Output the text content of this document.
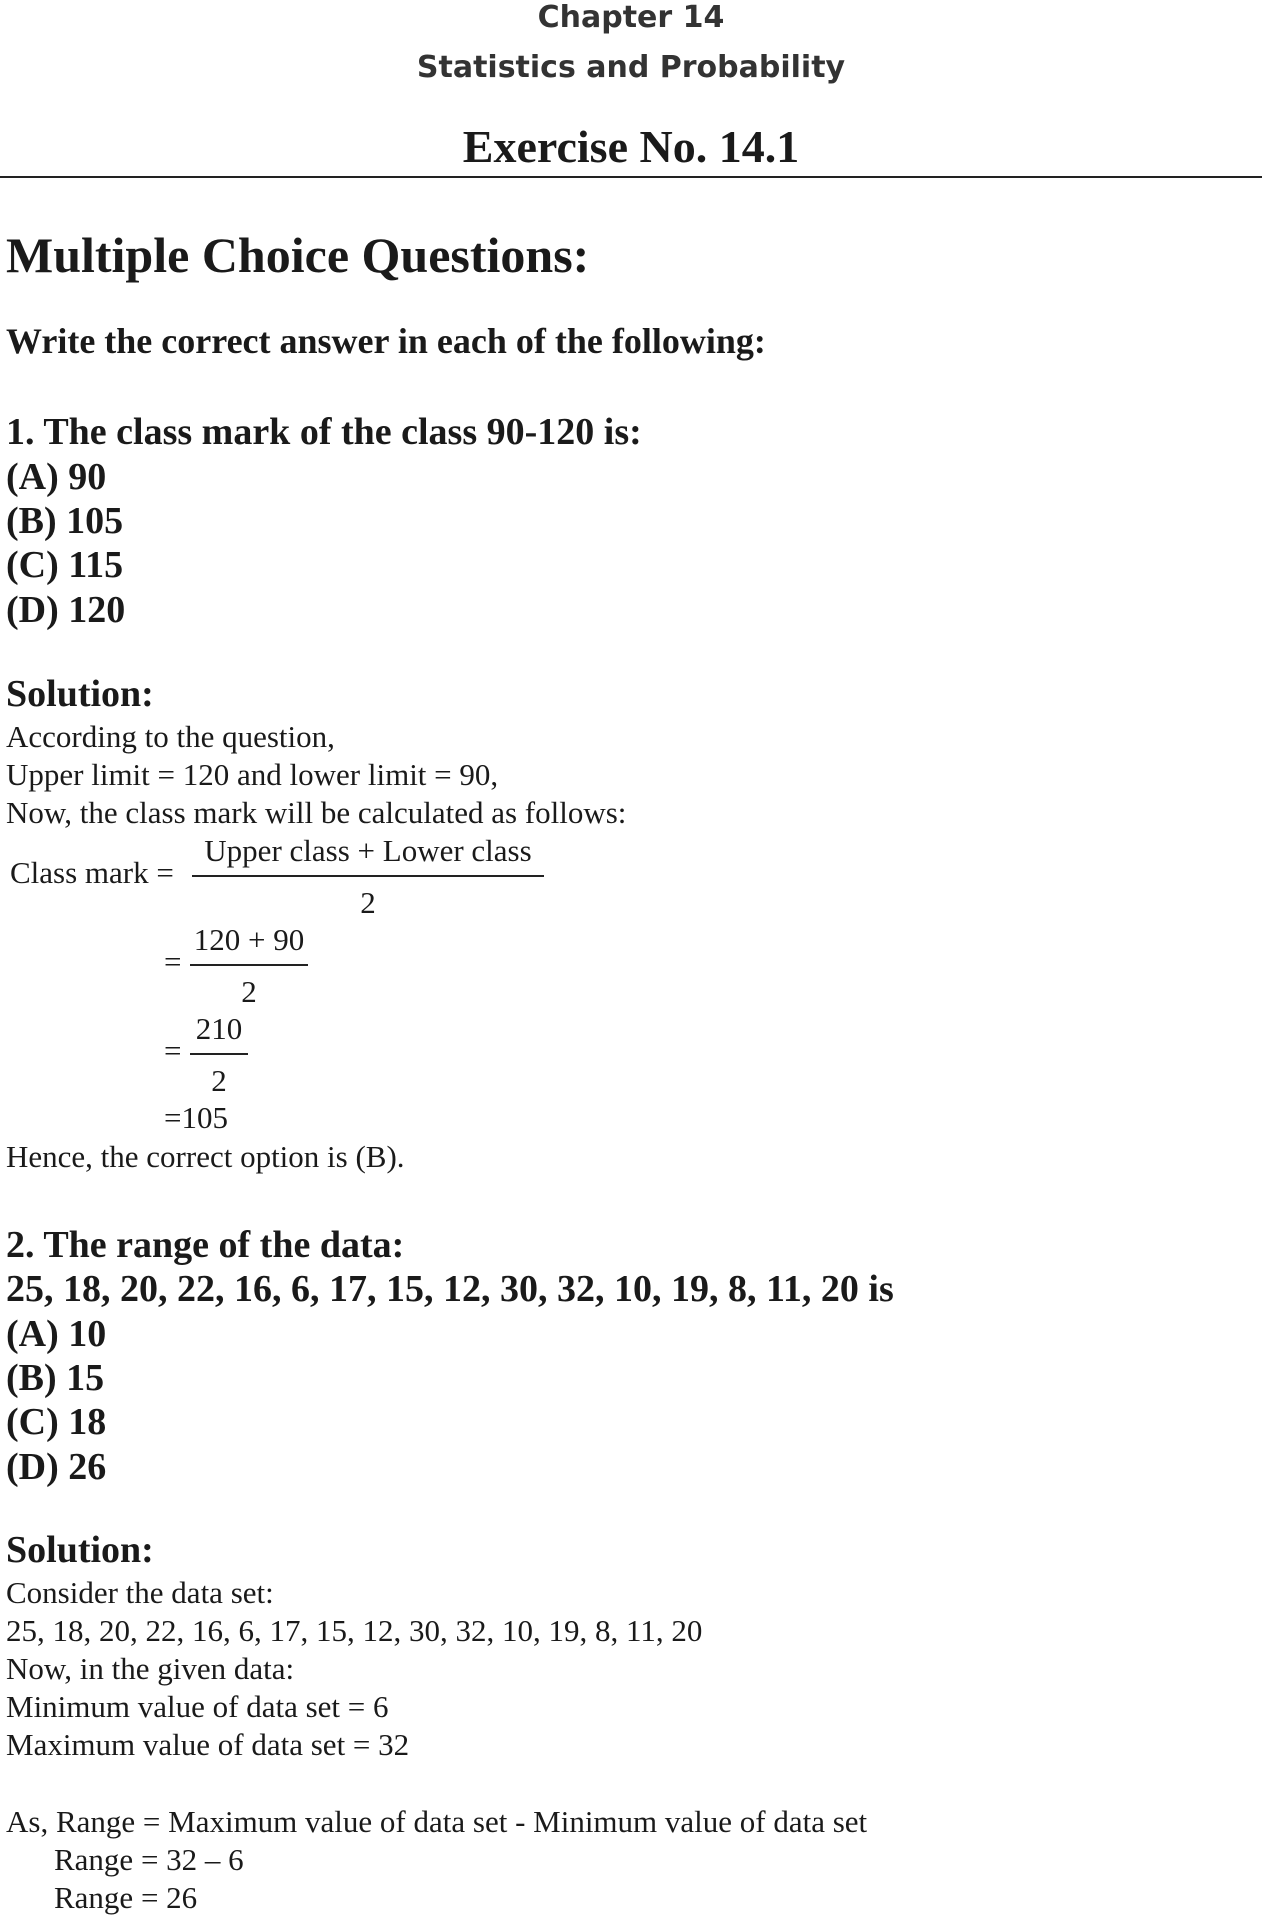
Chapter 14
Statistics and Probability
Exercise No. 14.1
Multiple Choice Questions:
Write the correct answer in each of the following:
1. The class mark of the class 90-120 is:
(A) 90
(B) 105
(C) 115
(D) 120
Solution:
According to the question,
Upper limit = 120 and lower limit = 90,
Now, the class mark will be calculated as follows:
Class mark =
Upper class + Lower class
2
=
120 + 90
2
=
210
2
=105
Hence, the correct option is (B).
2. The range of the data:
25, 18, 20, 22, 16, 6, 17, 15, 12, 30, 32, 10, 19, 8, 11, 20 is
(A) 10
(B) 15
(C) 18
(D) 26
Solution:
Consider the data set:
25, 18, 20, 22, 16, 6, 17, 15, 12, 30, 32, 10, 19, 8, 11, 20
Now, in the given data:
Minimum value of data set = 6
Maximum value of data set = 32
As, Range = Maximum value of data set - Minimum value of data set
Range = 32 – 6
Range = 26
